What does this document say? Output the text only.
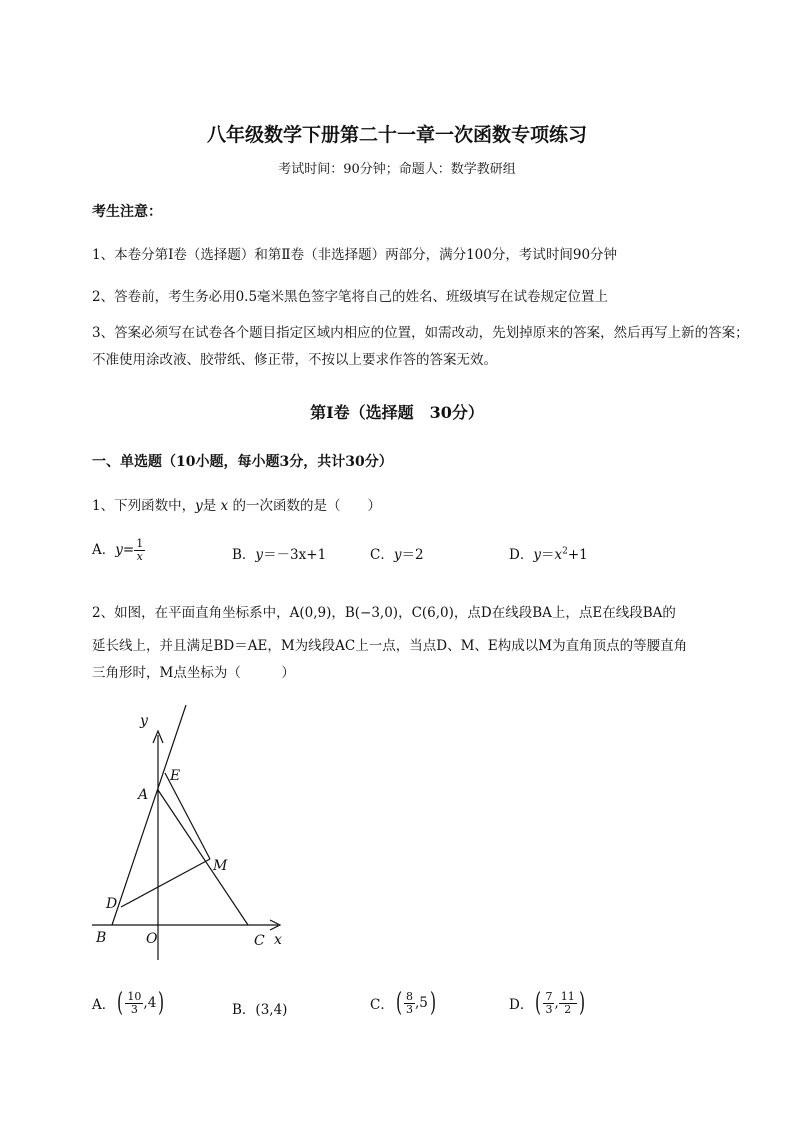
八年级数学下册第二十一章一次函数专项练习
考试时间：90分钟；命题人：数学教研组
考生注意：
1、本卷分第I卷（选择题）和第Ⅱ卷（非选择题）两部分，满分100分，考试时间90分钟
2、答卷前，考生务必用0.5毫米黑色签字笔将自己的姓名、班级填写在试卷规定位置上
3、答案必须写在试卷各个题目指定区域内相应的位置，如需改动，先划掉原来的答案，然后再写上新的答案；不准使用涂改液、胶带纸、修正带，不按以上要求作答的答案无效。
第I卷（选择题　30分）
一、单选题（10小题，每小题3分，共计30分）
1、下列函数中，y是 x 的一次函数的是（　　）
A．$y= \frac{1}{x}$	B．y＝－3x+1	C．y＝2	D．$y=x^2+1$
2、如图，在平面直角坐标系中，A(0,9)，B(−3,0)，C(6,0)，点D在线段BA上，点E在线段BA的
延长线上，并且满足BD＝AE，M为线段AC上一点，当点D、M、E构成以M为直角顶点的等腰直角
三角形时，M点坐标为（　　　）
y
x
A
E
M
D
B	O	C
A．( $\frac{10}{3} ,4$)	B．(3,4)	C．( $\frac{8}{3} ,5$)	D．( $\frac{7}{3}$ , $\frac{11}{2}$ )
